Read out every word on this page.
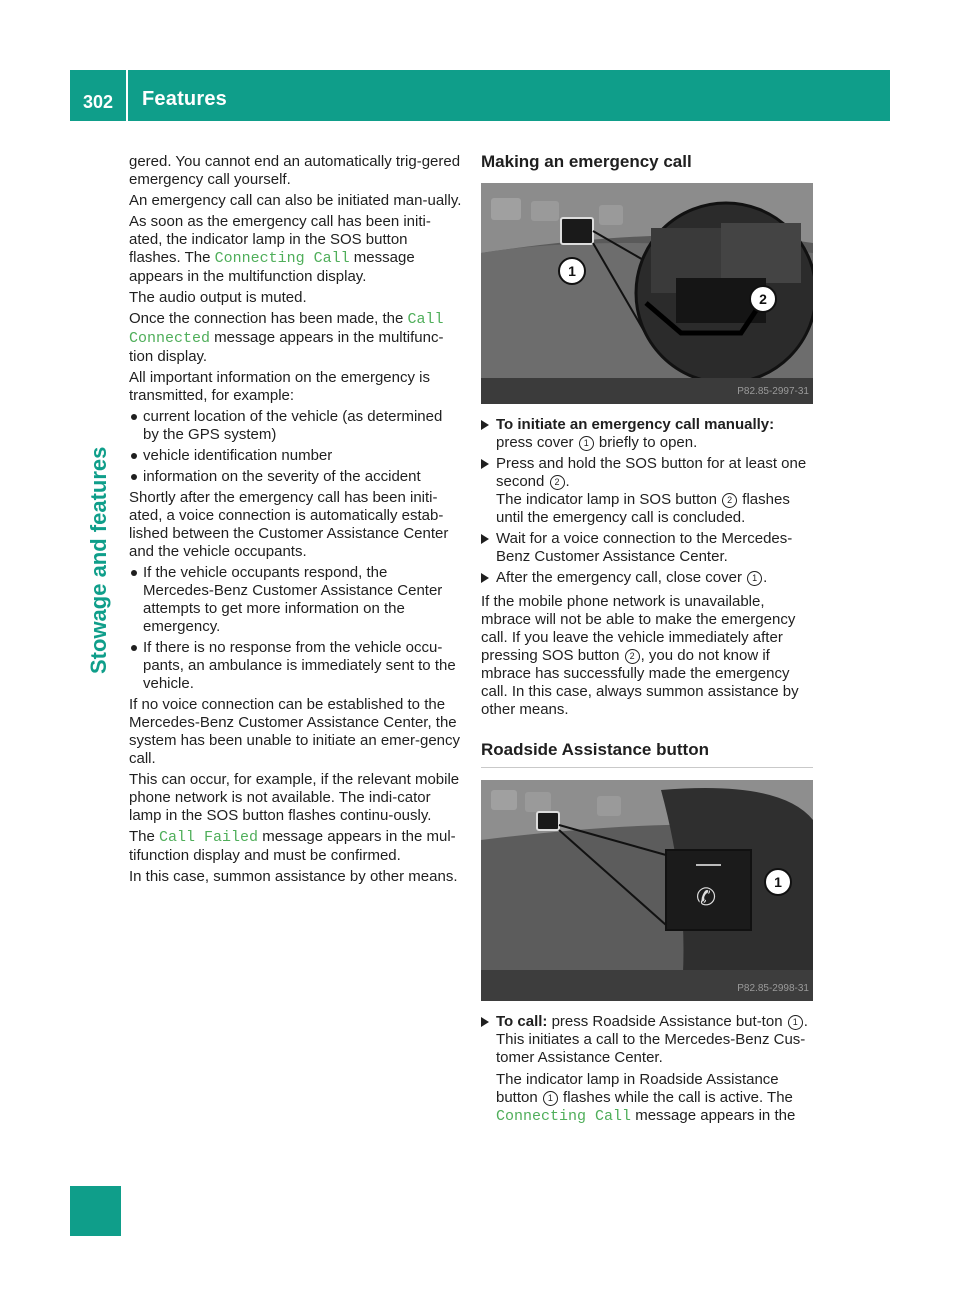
302	Features
Stowage and features

gered. You cannot end an automatically trig-gered emergency call yourself.

An emergency call can also be initiated man-ually.

As soon as the emergency call has been initi-ated, the indicator lamp in the SOS button flashes. The Connecting Call message appears in the multifunction display.

The audio output is muted.

Once the connection has been made, the Call Connected message appears in the multifunc-tion display.

All important information on the emergency is transmitted, for example:

current location of the vehicle (as determined by the GPS system)
vehicle identification number
information on the severity of the accident

Shortly after the emergency call has been initi-ated, a voice connection is automatically estab-lished between the Customer Assistance Center and the vehicle occupants.

If the vehicle occupants respond, the Mercedes-Benz Customer Assistance Center attempts to get more information on the emergency.
If there is no response from the vehicle occu-pants, an ambulance is immediately sent to the vehicle.

If no voice connection can be established to the Mercedes-Benz Customer Assistance Center, the system has been unable to initiate an emer-gency call.

This can occur, for example, if the relevant mobile phone network is not available. The indi-cator lamp in the SOS button flashes continu-ously.

The Call Failed message appears in the mul-tifunction display and must be confirmed.

In this case, summon assistance by other means.

Making an emergency call
1
2
P82.85-2997-31
To initiate an emergency call manually:
press cover 1 briefly to open.
Press and hold the SOS button for at least one second 2 .
The indicator lamp in SOS button 2 flashes until the emergency call is concluded.
Wait for a voice connection to the Mercedes-Benz Customer Assistance Center.
After the emergency call, close cover 1 .

If the mobile phone network is unavailable, mbrace will not be able to make the emergency call. If you leave the vehicle immediately after pressing SOS button 2 , you do not know if mbrace has successfully made the emergency call. In this case, always summon assistance by other means.

Roadside Assistance button
✆
1
P82.85-2998-31
To call: press Roadside Assistance but-ton 1 .
This initiates a call to the Mercedes-Benz Cus-tomer Assistance Center.
The indicator lamp in Roadside Assistance button 1 flashes while the call is active. The Connecting Call message appears in the
